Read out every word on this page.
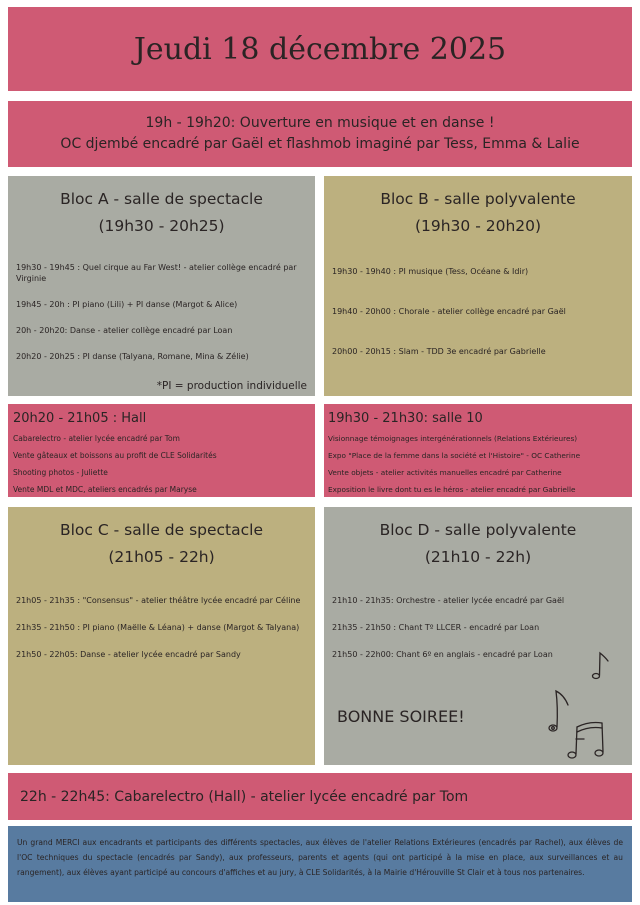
Jeudi 18 décembre 2025
19h - 19h20: Ouverture en musique et en danse !
OC djembé encadré par Gaël et flashmob imaginé par Tess, Emma & Lalie
Bloc A - salle de spectacle
(19h30 - 20h25)
19h30 - 19h45 : Quel cirque au Far West! - atelier collège encadré par Virginie
19h45 - 20h : PI piano (Lili) + PI danse (Margot & Alice)
20h - 20h20: Danse - atelier collège encadré par Loan
20h20 - 20h25 : PI danse (Talyana, Romane, Mina & Zélie)
*PI = production individuelle
Bloc B - salle polyvalente
(19h30 - 20h20)
19h30 - 19h40 : PI musique (Tess, Océane & Idir)
19h40 - 20h00 : Chorale - atelier collège encadré par Gaël
20h00 - 20h15 : Slam - TDD 3e encadré par Gabrielle
20h20 - 21h05 : Hall
Cabarelectro - atelier lycée encadré par Tom
Vente gâteaux et boissons au profit de CLE Solidarités
Shooting photos - Juliette
Vente MDL et MDC, ateliers encadrés par Maryse
19h30 - 21h30: salle 10
Visionnage témoignages intergénérationnels (Relations Extérieures)
Expo "Place de la femme dans la société et l'Histoire" - OC Catherine
Vente objets - atelier activités manuelles encadré par Catherine
Exposition le livre dont tu es le héros - atelier encadré par Gabrielle
Bloc C - salle de spectacle
(21h05 - 22h)
21h05 - 21h35 : "Consensus" - atelier théâtre lycée encadré par Céline
21h35 - 21h50 : PI piano (Maëlle & Léana) + danse (Margot & Talyana)
21h50 - 22h05: Danse - atelier lycée encadré par Sandy
Bloc D - salle polyvalente
(21h10 - 22h)
21h10 - 21h35: Orchestre - atelier lycée encadré par Gaël
21h35 - 21h50 : Chant Tº LLCER - encadré par Loan
21h50 - 22h00: Chant 6º en anglais - encadré par Loan
BONNE SOIREE!
22h - 22h45: Cabarelectro (Hall) - atelier lycée encadré par Tom

Un grand MERCI aux encadrants et participants des différents spectacles, aux élèves de l'atelier Relations Extérieures (encadrés par Rachel), aux élèves de l'OC techniques du spectacle (encadrés par Sandy), aux professeurs, parents et agents (qui ont participé à la mise en place, aux surveillances et au rangement), aux élèves ayant participé au concours d'affiches et au jury, à CLE Solidarités, à la Mairie d'Hérouville St Clair et à tous nos partenaires.
